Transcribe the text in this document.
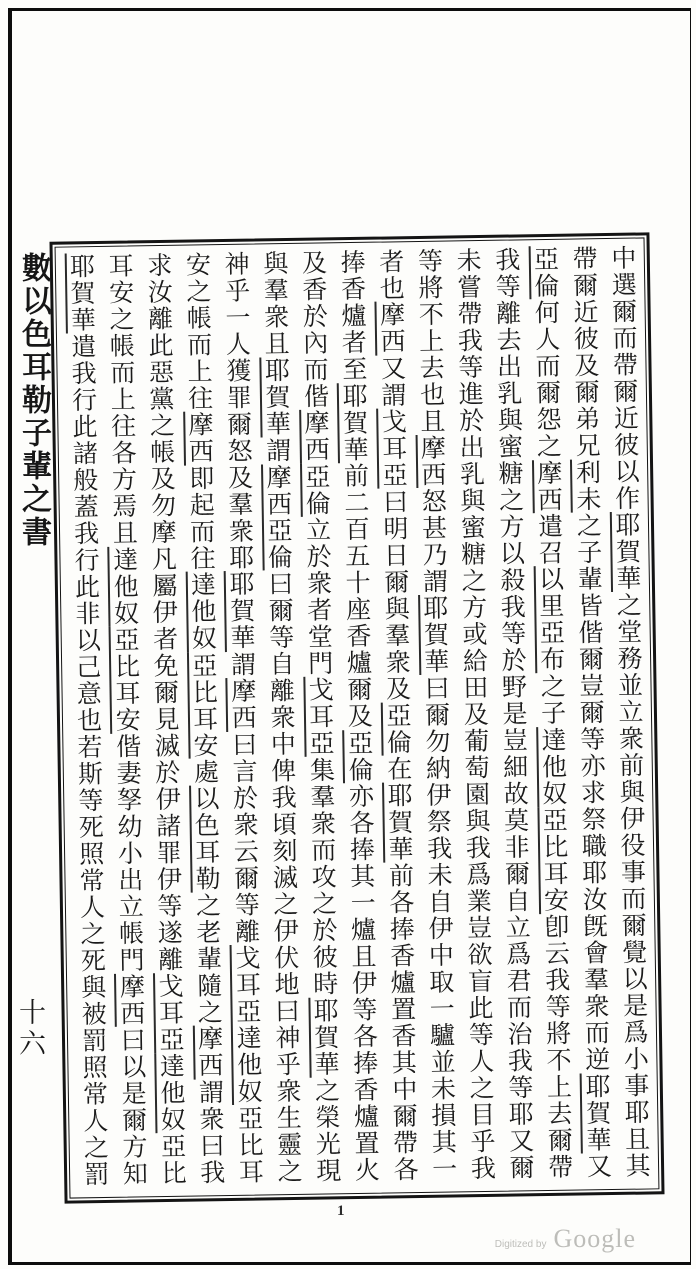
數以色耳勒子輩之書	中選爾而帶爾近彼以作耶賀華之堂務並立衆前與伊役事而爾覺以是爲小事耶且其
帶爾近彼及爾弟兄利未之子輩皆偕爾豈爾等亦求祭職耶汝旣會羣衆而逆耶賀華又
亞倫何人而爾怨之摩西遣召以里亞布之子達他奴亞比耳安卽云我等將不上去爾帶
我等離去出乳與蜜糖之方以殺我等於野是豈細故莫非爾自立爲君而治我等耶又爾
未嘗帶我等進於出乳與蜜糖之方或給田及葡萄園與我爲業豈欲盲此等人之目乎我
等將不上去也且摩西怒甚乃謂耶賀華曰爾勿納伊祭我未自伊中取一驢並未損其一
者也摩西又謂戈耳亞曰明日爾與羣衆及亞倫在耶賀華前各捧香爐置香其中爾帶各
捧香爐者至耶賀華前二百五十座香爐爾及亞倫亦各捧其一爐且伊等各捧香爐置火
及香於內而偕摩西亞倫立於衆者堂門戈耳亞集羣衆而攻之於彼時耶賀華之榮光現
與羣衆且耶賀華謂摩西亞倫曰爾等自離衆中俾我頃刻滅之伊伏地曰神乎衆生靈之
神乎一人獲罪爾怒及羣衆耶耶賀華謂摩西曰言於衆云爾等離戈耳亞達他奴亞比耳
安之帳而上往摩西即起而往達他奴亞比耳安處以色耳勒之老輩隨之摩西謂衆曰我
求汝離此惡黨之帳及勿摩凡屬伊者免爾見滅於伊諸罪伊等遂離戈耳亞達他奴亞比
耳安之帳而上往各方焉且達他奴亞比耳安偕妻孥幼小出立帳門摩西曰以是爾方知
耶賀華遣我行此諸般蓋我行此非以己意也若斯等死照常人之死與被罰照常人之罰
十六
1
Digitized by Google
